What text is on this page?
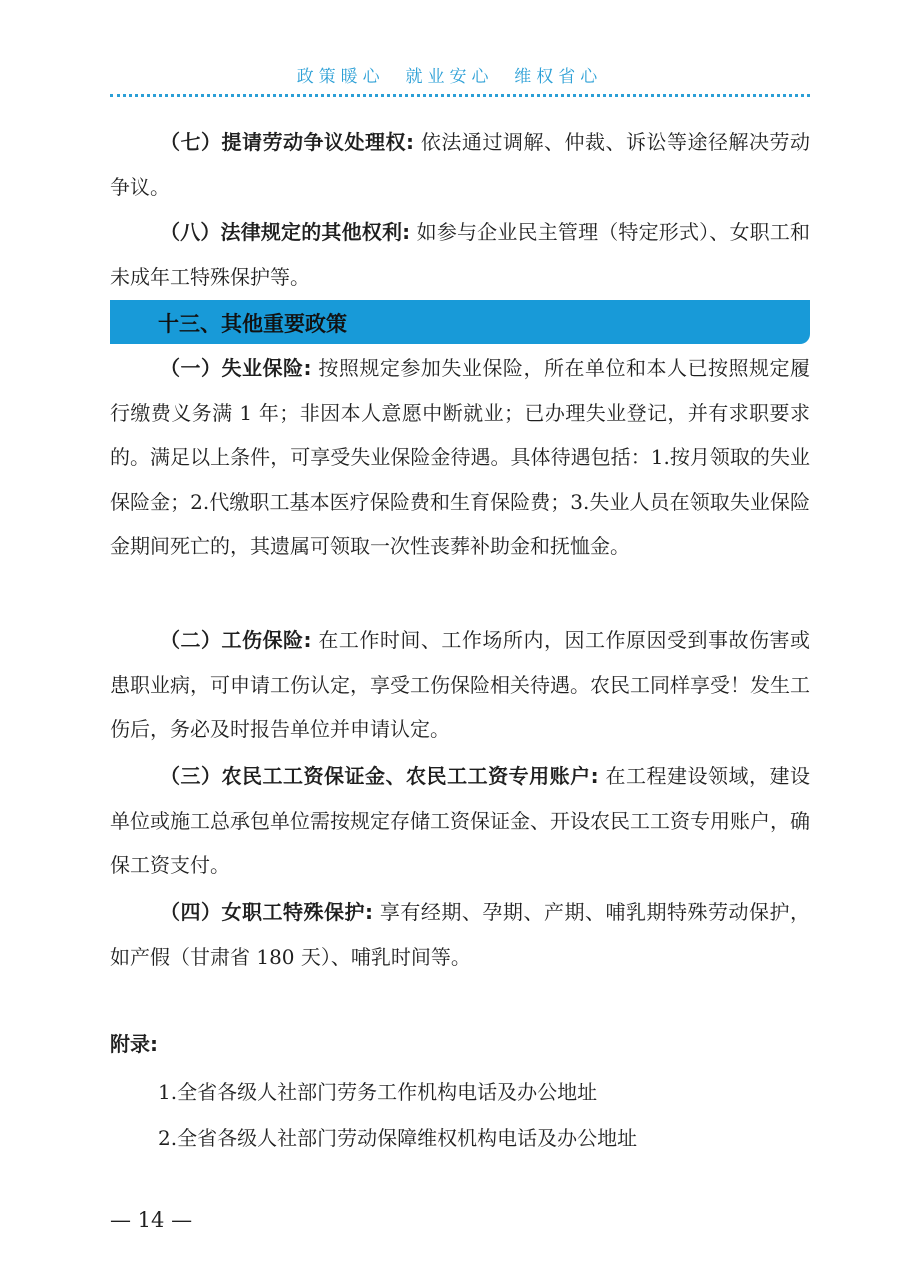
政策暖心  就业安心  维权省心

（七）提请劳动争议处理权: 依法通过调解、仲裁、诉讼等途径解决劳动争议。

（八）法律规定的其他权利: 如参与企业民主管理（特定形式）、女职工和未成年工特殊保护等。

十三、其他重要政策

（一）失业保险: 按照规定参加失业保险，所在单位和本人已按照规定履行缴费义务满 1 年；非因本人意愿中断就业；已办理失业登记，并有求职要求的。满足以上条件，可享受失业保险金待遇。具体待遇包括：1.按月领取的失业保险金；2.代缴职工基本医疗保险费和生育保险费；3.失业人员在领取失业保险金期间死亡的，其遗属可领取一次性丧葬补助金和抚恤金。

（二）工伤保险: 在工作时间、工作场所内，因工作原因受到事故伤害或患职业病，可申请工伤认定，享受工伤保险相关待遇。农民工同样享受！发生工伤后，务必及时报告单位并申请认定。

（三）农民工工资保证金、农民工工资专用账户: 在工程建设领域，建设单位或施工总承包单位需按规定存储工资保证金、开设农民工工资专用账户，确保工资支付。

（四）女职工特殊保护: 享有经期、孕期、产期、哺乳期特殊劳动保护，如产假（甘肃省 180 天）、哺乳时间等。

附录:
1.全省各级人社部门劳务工作机构电话及办公地址
2.全省各级人社部门劳动保障维权机构电话及办公地址
— 14 —
